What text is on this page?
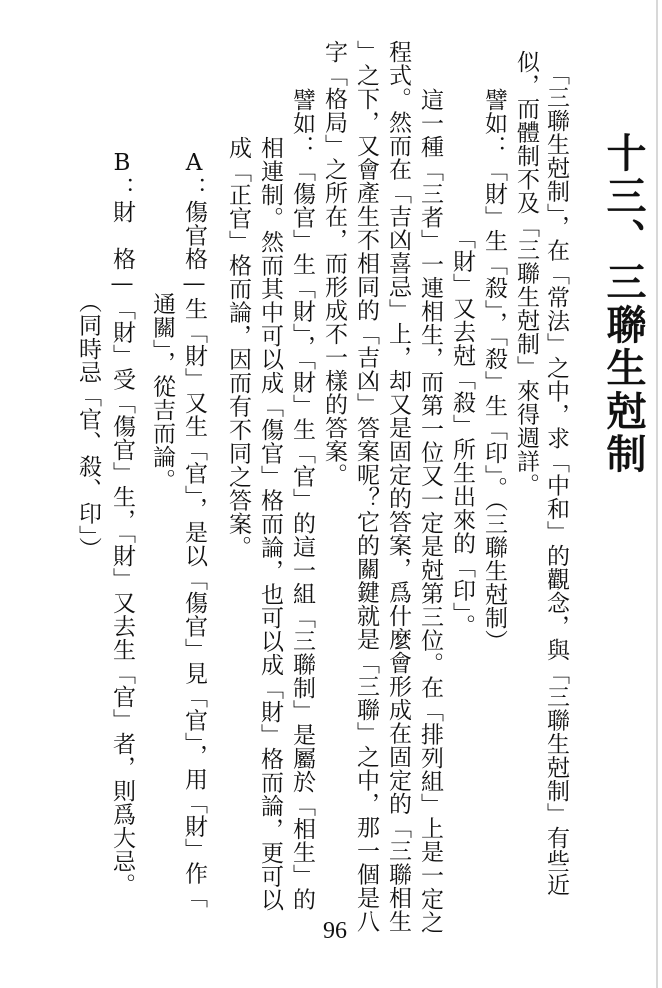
十三、三聯生尅制
「三聯生尅制」，在「常法」之中，求「中和」的觀念，與「三聯生尅制」有些近
似，而體制不及「三聯生尅制」來得週詳。
譬如：「財」生「殺」，「殺」生「印」。（三聯生尅制）
「財」又去尅「殺」所生出來的「印」。
這一種「三者」一連相生，而第一位又一定是尅第三位。在「排列組」上是一定之
程式。然而在「吉凶喜忌」上，却又是固定的答案，爲什麼會形成在固定的「三聯相生
」之下，又會產生不相同的「吉凶」答案呢？它的關鍵就是「三聯」之中，那一個是八
字「格局」之所在，而形成不一樣的答案。
譬如：「傷官」生「財」，「財」生「官」的這一組「三聯制」是屬於「相生」的
相連制。然而其中可以成「傷官」格而論，也可以成「財」格而論，更可以
成「正官」格而論，因而有不同之答案。
A：傷官格—生「財」又生「官」，是以「傷官」見「官」，用「財」作「
通關」，從吉而論。
B：財　格—「財」受「傷官」生，「財」又去生「官」者，則爲大忌。
（同時忌「官、殺、印」）
96
